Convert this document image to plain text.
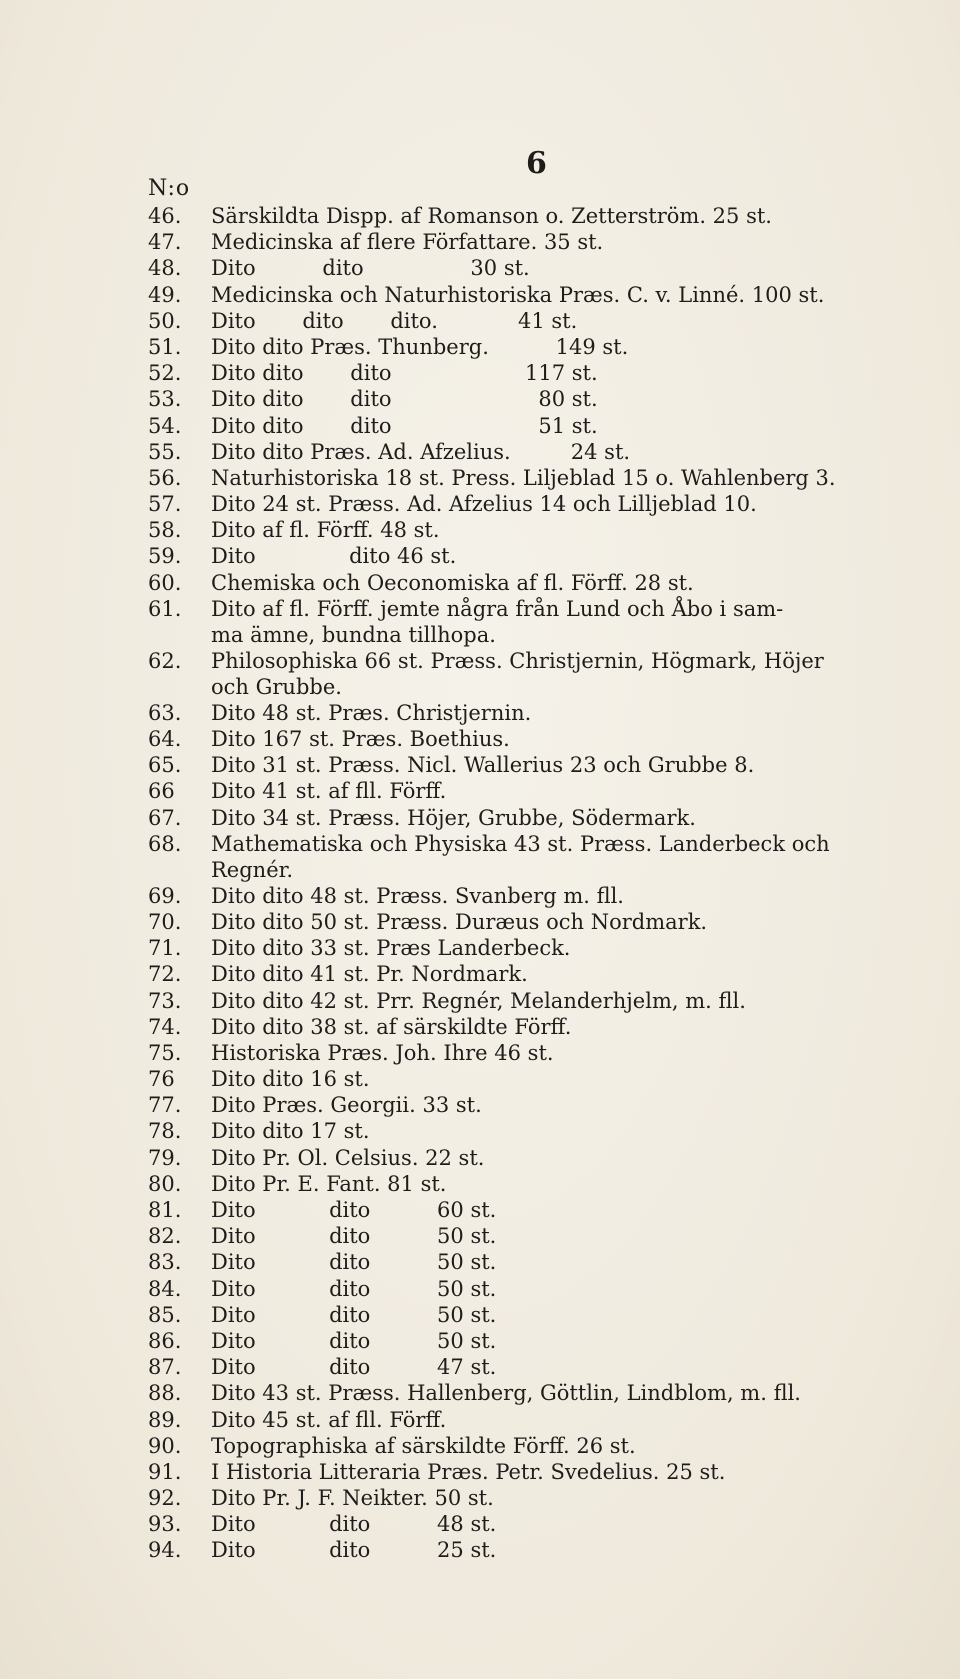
6
N:o
46.	Särskildta Dispp. af Romanson o. Zetterström. 25 st.
47.	Medicinska af flere Författare. 35 st.
48.	Dito          dito                30 st.
49.	Medicinska och Naturhistoriska Præs. C. v. Linné. 100 st.
50.	Dito       dito       dito.            41 st.
51.	Dito dito Præs. Thunberg.          149 st.
52.	Dito dito       dito                    117 st.
53.	Dito dito       dito                      80 st.
54.	Dito dito       dito                      51 st.
55.	Dito dito Præs. Ad. Afzelius.         24 st.
56.	Naturhistoriska 18 st. Press. Liljeblad 15 o. Wahlenberg 3.
57.	Dito 24 st. Præss. Ad. Afzelius 14 och Lilljeblad 10.
58.	Dito af fl. Förff. 48 st.
59.	Dito              dito 46 st.
60.	Chemiska och Oeconomiska af fl. Förff. 28 st.
61.	Dito af fl. Förff. jemte några från Lund och Åbo i sam-
ma ämne, bundna tillhopa.
62.	Philosophiska 66 st. Præss. Christjernin, Högmark, Höjer
och Grubbe.
63.	Dito 48 st. Præs. Christjernin.
64.	Dito 167 st. Præs. Boethius.
65.	Dito 31 st. Præss. Nicl. Wallerius 23 och Grubbe 8.
66	Dito 41 st. af fll. Förff.
67.	Dito 34 st. Præss. Höjer, Grubbe, Södermark.
68.	Mathematiska och Physiska 43 st. Præss. Landerbeck och
Regnér.
69.	Dito dito 48 st. Præss. Svanberg m. fll.
70.	Dito dito 50 st. Præss. Duræus och Nordmark.
71.	Dito dito 33 st. Præs Landerbeck.
72.	Dito dito 41 st. Pr. Nordmark.
73.	Dito dito 42 st. Prr. Regnér, Melanderhjelm, m. fll.
74.	Dito dito 38 st. af särskildte Förff.
75.	Historiska Præs. Joh. Ihre 46 st.
76	Dito dito 16 st.
77.	Dito Præs. Georgii. 33 st.
78.	Dito dito 17 st.
79.	Dito Pr. Ol. Celsius. 22 st.
80.	Dito Pr. E. Fant. 81 st.
81.	Dito           dito          60 st.
82.	Dito           dito          50 st.
83.	Dito           dito          50 st.
84.	Dito           dito          50 st.
85.	Dito           dito          50 st.
86.	Dito           dito          50 st.
87.	Dito           dito          47 st.
88.	Dito 43 st. Præss. Hallenberg, Göttlin, Lindblom, m. fll.
89.	Dito 45 st. af fll. Förff.
90.	Topographiska af särskildte Förff. 26 st.
91.	I Historia Litteraria Præs. Petr. Svedelius. 25 st.
92.	Dito Pr. J. F. Neikter. 50 st.
93.	Dito           dito          48 st.
94.	Dito           dito          25 st.
